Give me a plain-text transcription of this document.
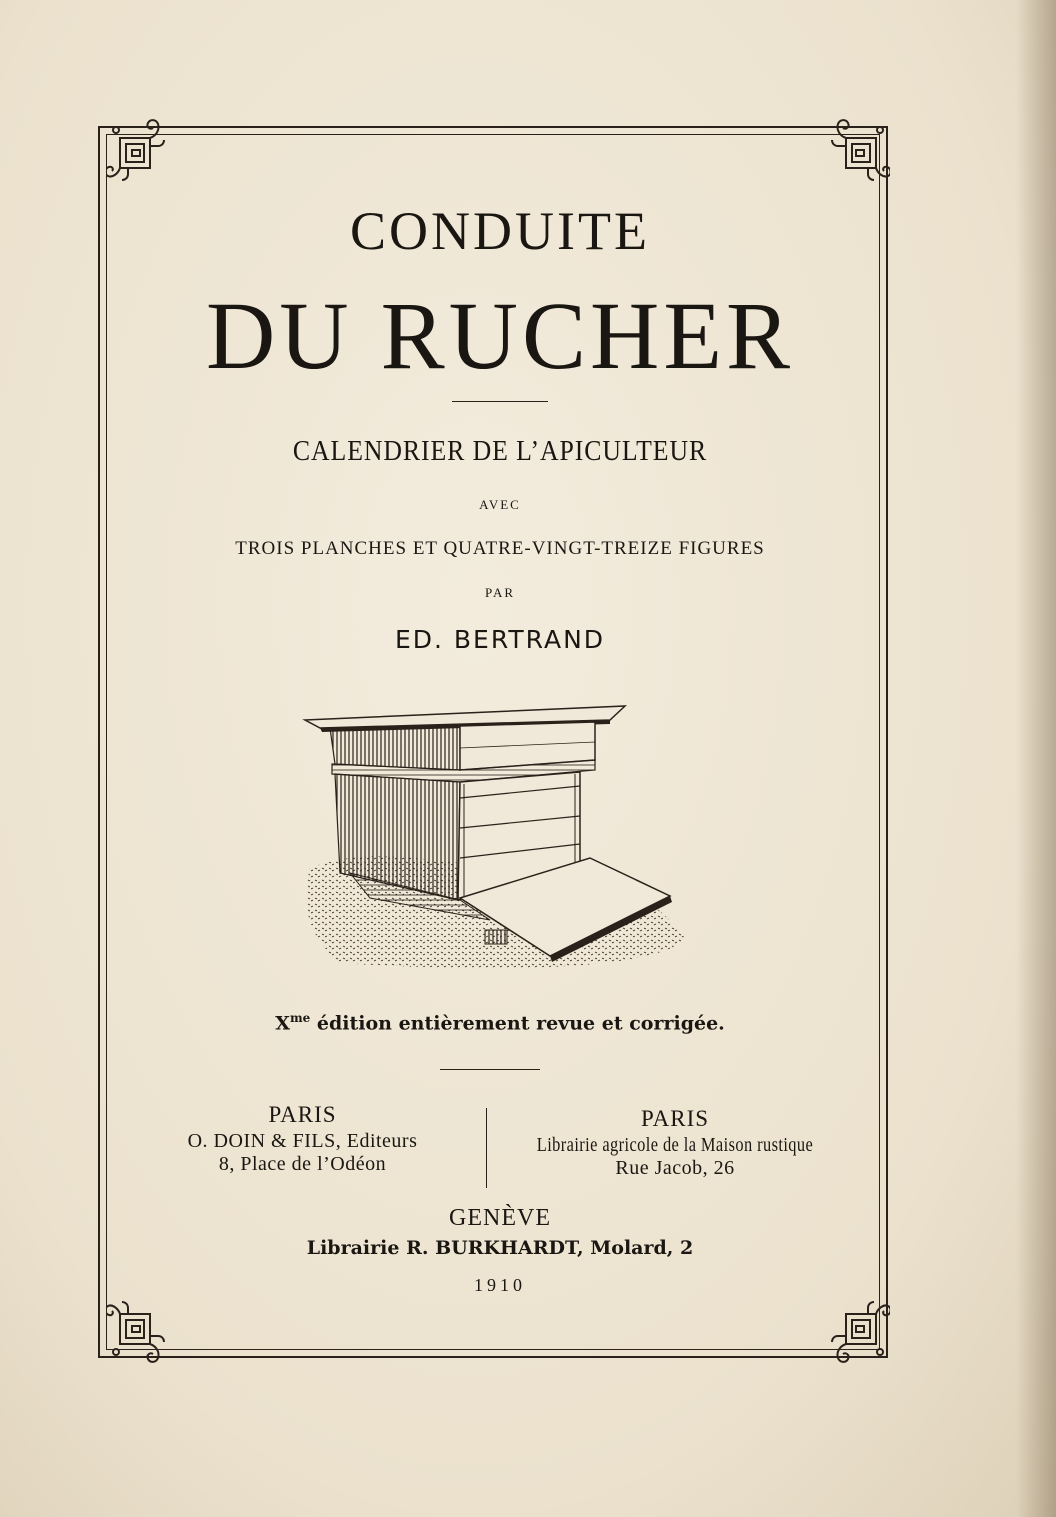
CONDUITE
DU RUCHER
CALENDRIER DE L’APICULTEUR
AVEC
TROIS PLANCHES ET QUATRE-VINGT-TREIZE FIGURES
PAR
ED. BERTRAND
$X^{me}$ édition entièrement revue et corrigée.
PARIS
O. DOIN & FILS, Editeurs
8, Place de l’Odéon
PARIS
Librairie agricole de la Maison rustique
Rue Jacob, 26
GENÈVE
Librairie R. BURKHARDT, Molard, 2
1910
